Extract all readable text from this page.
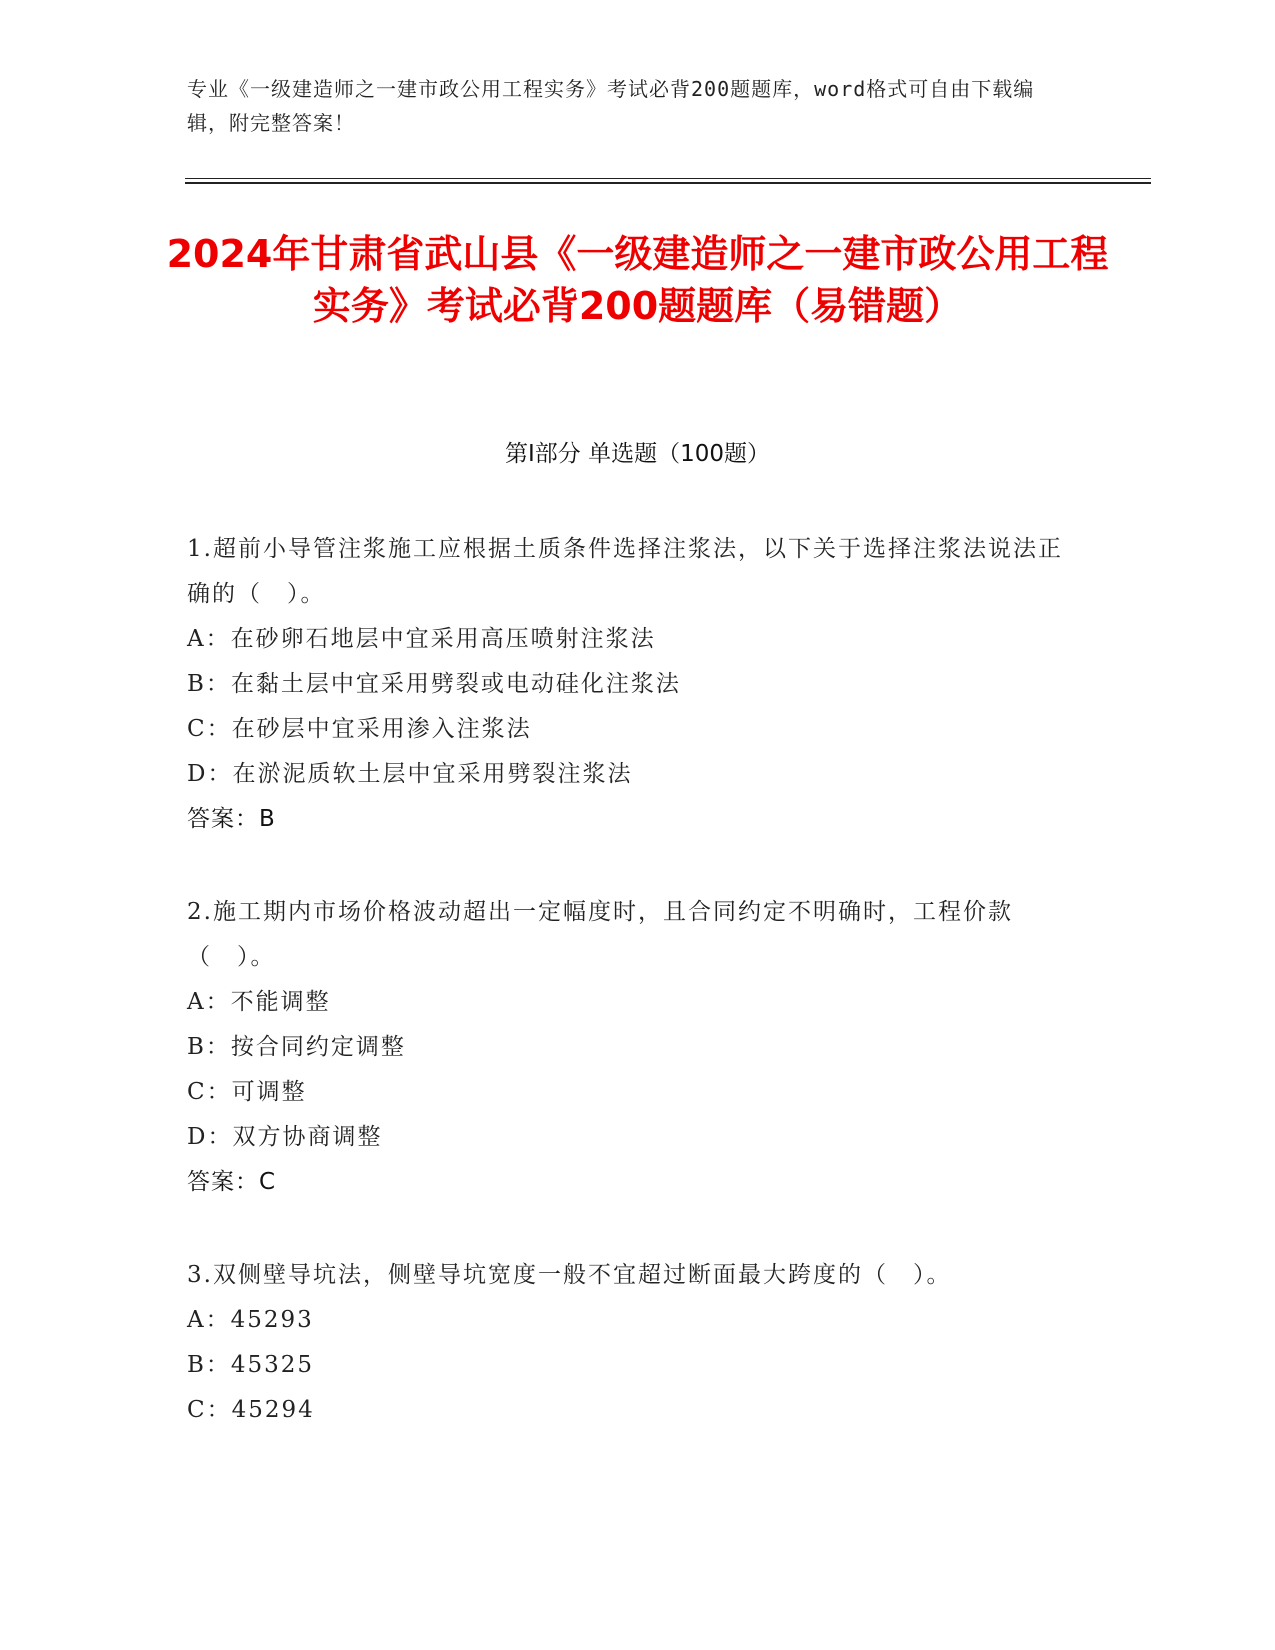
专业《一级建造师之一建市政公用工程实务》考试必背200题题库，word格式可自由下载编辑，附完整答案！
2024年甘肃省武山县《一级建造师之一建市政公用工程实务》考试必背200题题库（易错题）
第Ⅰ部分 单选题（100题）
1.超前小导管注浆施工应根据土质条件选择注浆法，以下关于选择注浆法说法正确的（　）。
A：在砂卵石地层中宜采用高压喷射注浆法
B：在黏土层中宜采用劈裂或电动硅化注浆法
C：在砂层中宜采用渗入注浆法
D：在淤泥质软土层中宜采用劈裂注浆法
答案：B
2.施工期内市场价格波动超出一定幅度时，且合同约定不明确时，工程价款（　）。
A：不能调整
B：按合同约定调整
C：可调整
D：双方协商调整
答案：C
3.双侧壁导坑法，侧壁导坑宽度一般不宜超过断面最大跨度的（　）。
A：45293
B：45325
C：45294
